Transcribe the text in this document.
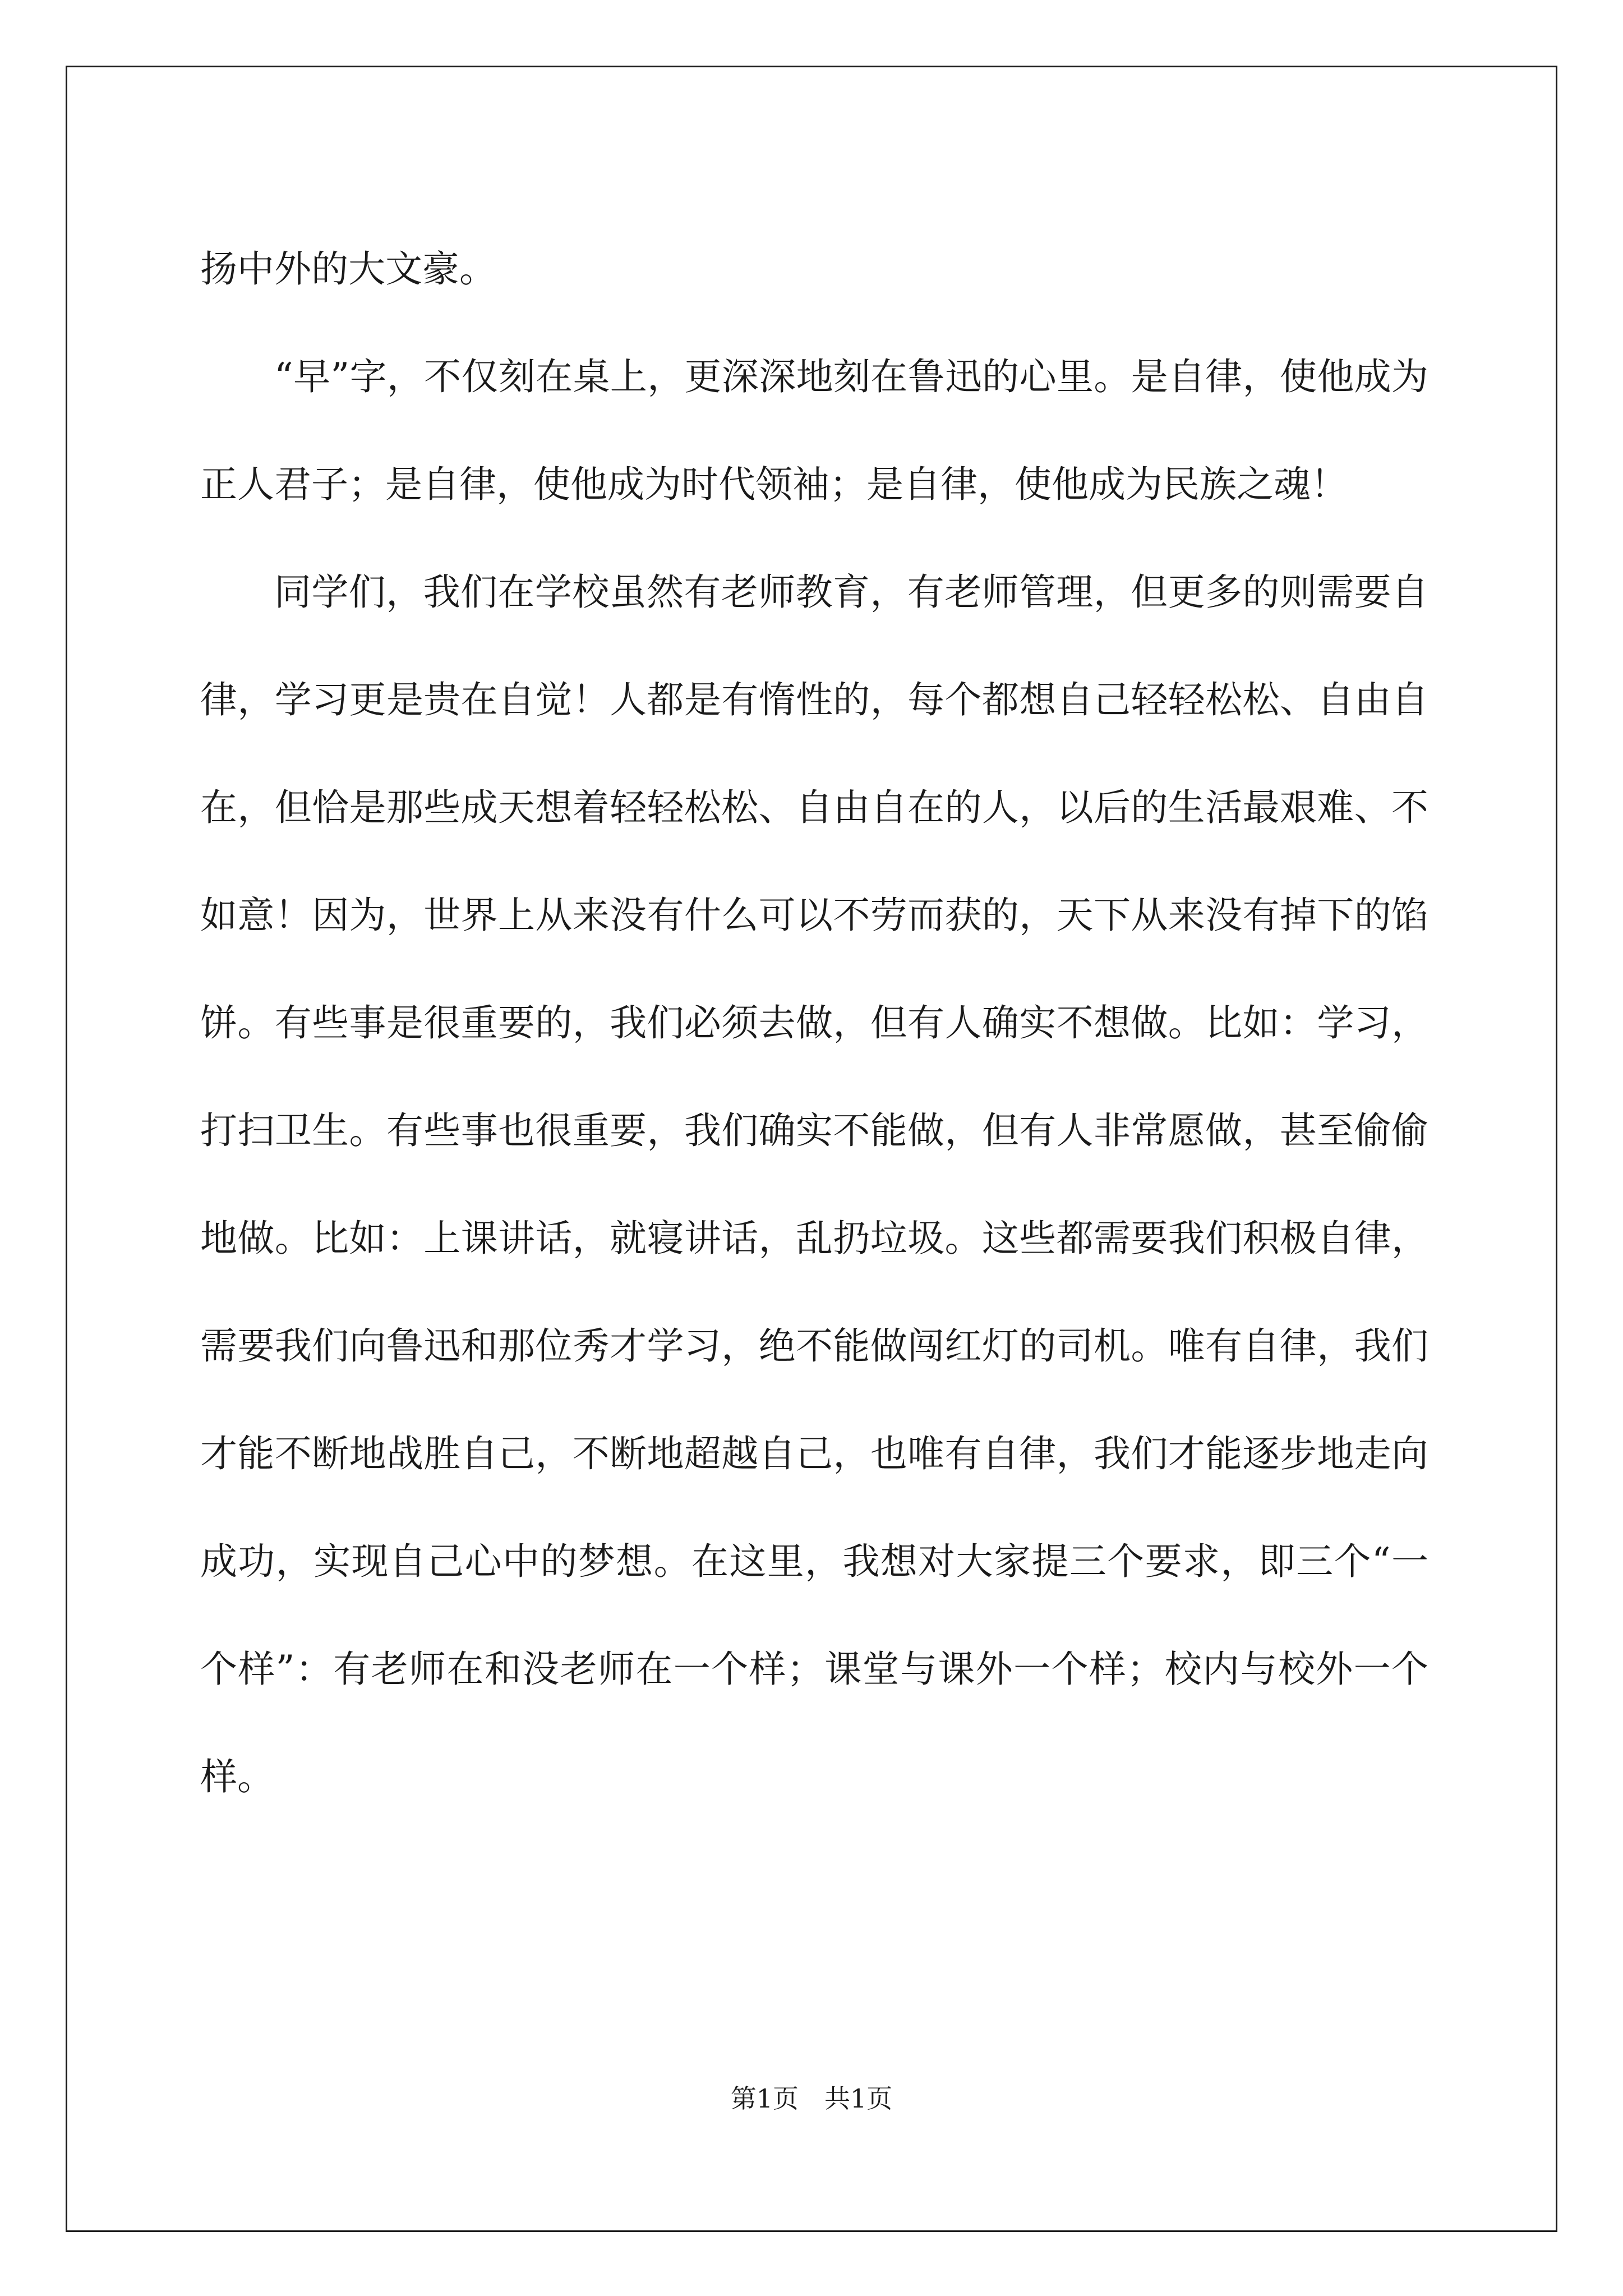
扬中外的大文豪。

“早”字，不仅刻在桌上，更深深地刻在鲁迅的心里。是自律，使他成为正人君子；是自律，使他成为时代领袖；是自律，使他成为民族之魂！

同学们，我们在学校虽然有老师教育，有老师管理，但更多的则需要自律，学习更是贵在自觉！人都是有惰性的，每个都想自己轻轻松松、自由自在，但恰是那些成天想着轻轻松松、自由自在的人，以后的生活最艰难、不如意！因为，世界上从来没有什么可以不劳而获的，天下从来没有掉下的馅饼。有些事是很重要的，我们必须去做，但有人确实不想做。比如：学习，打扫卫生。有些事也很重要，我们确实不能做，但有人非常愿做，甚至偷偷地做。比如：上课讲话，就寝讲话，乱扔垃圾。这些都需要我们积极自律，需要我们向鲁迅和那位秀才学习，绝不能做闯红灯的司机。唯有自律，我们才能不断地战胜自己，不断地超越自己，也唯有自律，我们才能逐步地走向成功，实现自己心中的梦想。在这里，我想对大家提三个要求，即三个“一个样”：有老师在和没老师在一个样；课堂与课外一个样；校内与校外一个样。

第1页　共1页
